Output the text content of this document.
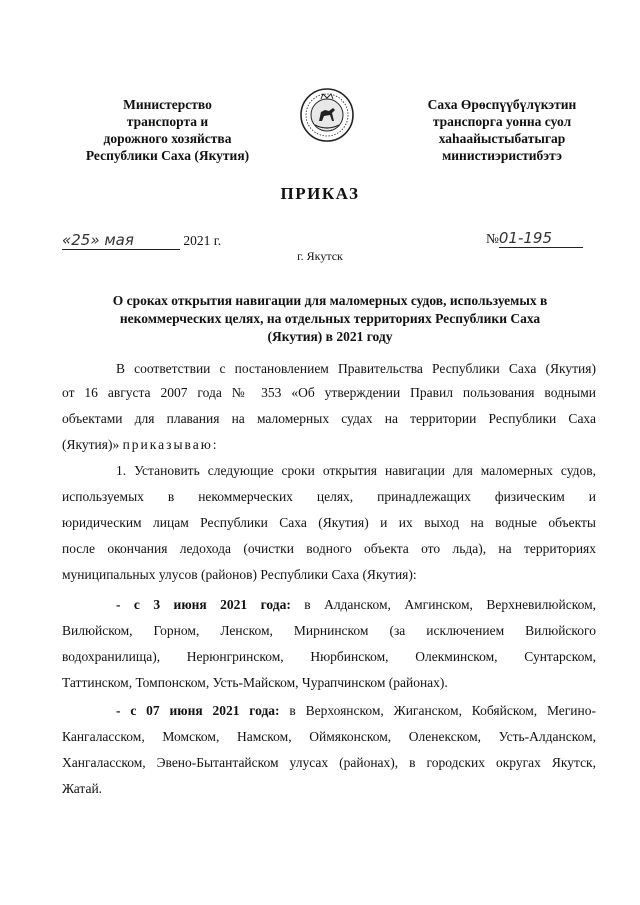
Министерство
транспорта и
дорожного хозяйства
Республики Саха (Якутия)
Саха Өрөспүүбүлүкэтин
транспорга уонна суол
хаһаайыстыбатыгар
министиэристибэтэ
ПРИКАЗ
«25» мая	2021 г.	№01-195
г. Якутск
О сроках открытия навигации для маломерных судов, используемых в
некоммерческих целях, на отдельных территориях Республики Саха
(Якутия) в 2021 году
В соответствии с постановлением Правительства Республики Саха (Якутия)
от 16 августа 2007 года № 353 «Об утверждении Правил пользования водными
объектами для плавания на маломерных судах на территории Республики Саха
(Якутия)» приказываю:
1. Установить следующие сроки открытия навигации для маломерных судов,
используемых в некоммерческих целях, принадлежащих физическим и
юридическим лицам Республики Саха (Якутия) и их выход на водные объекты
после окончания ледохода (очистки водного объекта ото льда), на территориях
муниципальных улусов (районов) Республики Саха (Якутия):
- с 3 июня 2021 года: в Алданском, Амгинском, Верхневилюйском,
Вилюйском, Горном, Ленском, Мирнинском (за исключением Вилюйского
водохранилища), Нерюнгринском, Нюрбинском, Олекминском, Сунтарском,
Таттинском, Томпонском, Усть-Майском, Чурапчинском (районах).
- с 07 июня 2021 года: в Верхоянском, Жиганском, Кобяйском, Мегино-
Кангаласском, Момском, Намском, Оймяконском, Оленекском, Усть-Алданском,
Хангаласском, Эвено-Бытантайском улусах (районах), в городских округах Якутск,
Жатай.
